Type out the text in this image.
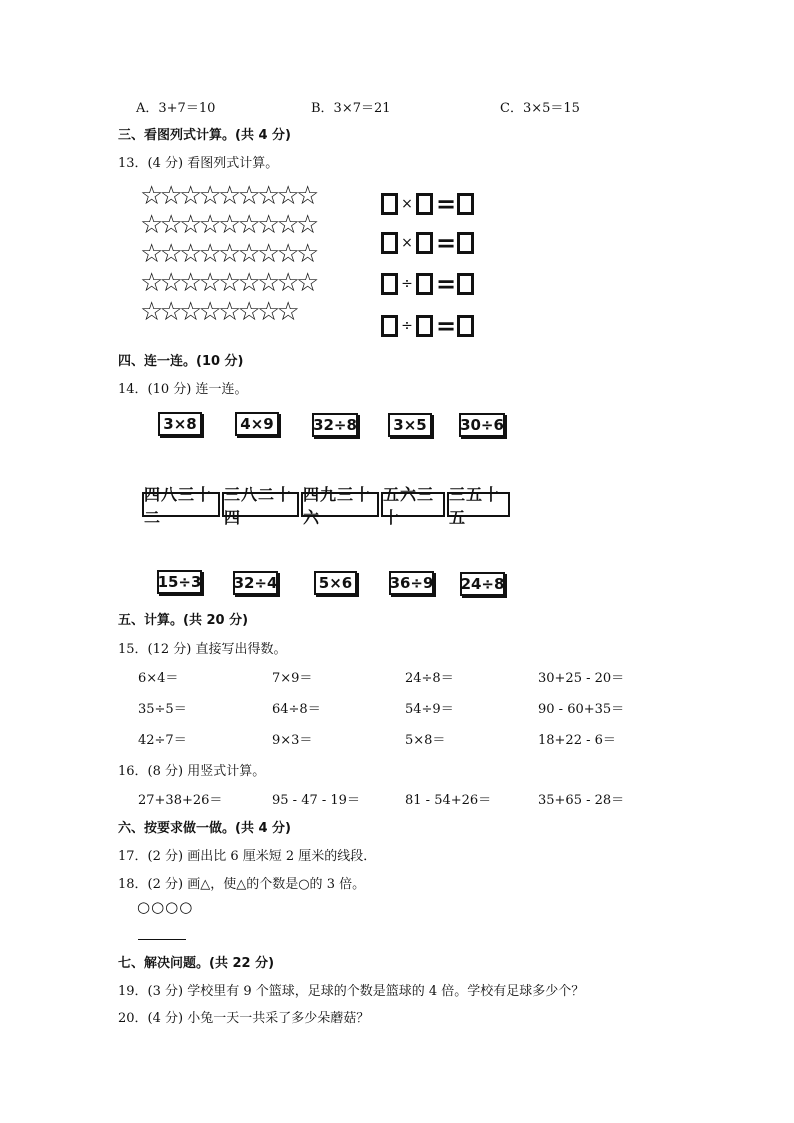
A．3+7＝10	B．3×7＝21	C．3×5＝15
三、看图列式计算。(共 4 分)
13．(4 分) 看图列式计算。
☆ ☆ ☆ ☆ ☆ ☆ ☆ ☆ ☆
☆ ☆ ☆ ☆ ☆ ☆ ☆ ☆ ☆
☆ ☆ ☆ ☆ ☆ ☆ ☆ ☆ ☆
☆ ☆ ☆ ☆ ☆ ☆ ☆ ☆ ☆
☆ ☆ ☆ ☆ ☆ ☆ ☆ ☆
× =
× =
÷ =
÷ =
四、连一连。(10 分)
14．(10 分) 连一连。
3×8	4×9	32÷8	3×5	30÷6
四八三十二
三八二十四
四九三十六
五六三十
三五十五
15÷3 32÷4	5×6	36÷9 24÷8
五、计算。(共 20 分)
15．(12 分) 直接写出得数。
6×4＝	7×9＝	24÷8＝	30+25 - 20＝
35÷5＝	64÷8＝	54÷9＝	90 - 60+35＝
42÷7＝	9×3＝	5×8＝	18+22 - 6＝
16．(8 分) 用竖式计算。
27+38+26＝	95 - 47 - 19＝	81 - 54+26＝	35+65 - 28＝
六、按要求做一做。(共 4 分)
17．(2 分) 画出比 6 厘米短 2 厘米的线段．
18．(2 分) 画△，使△的个数是○的 3 倍。
○○○○
七、解决问题。(共 22 分)
19．(3 分) 学校里有 9 个篮球，足球的个数是篮球的 4 倍。学校有足球多少个？
20．(4 分) 小兔一天一共采了多少朵蘑菇？
